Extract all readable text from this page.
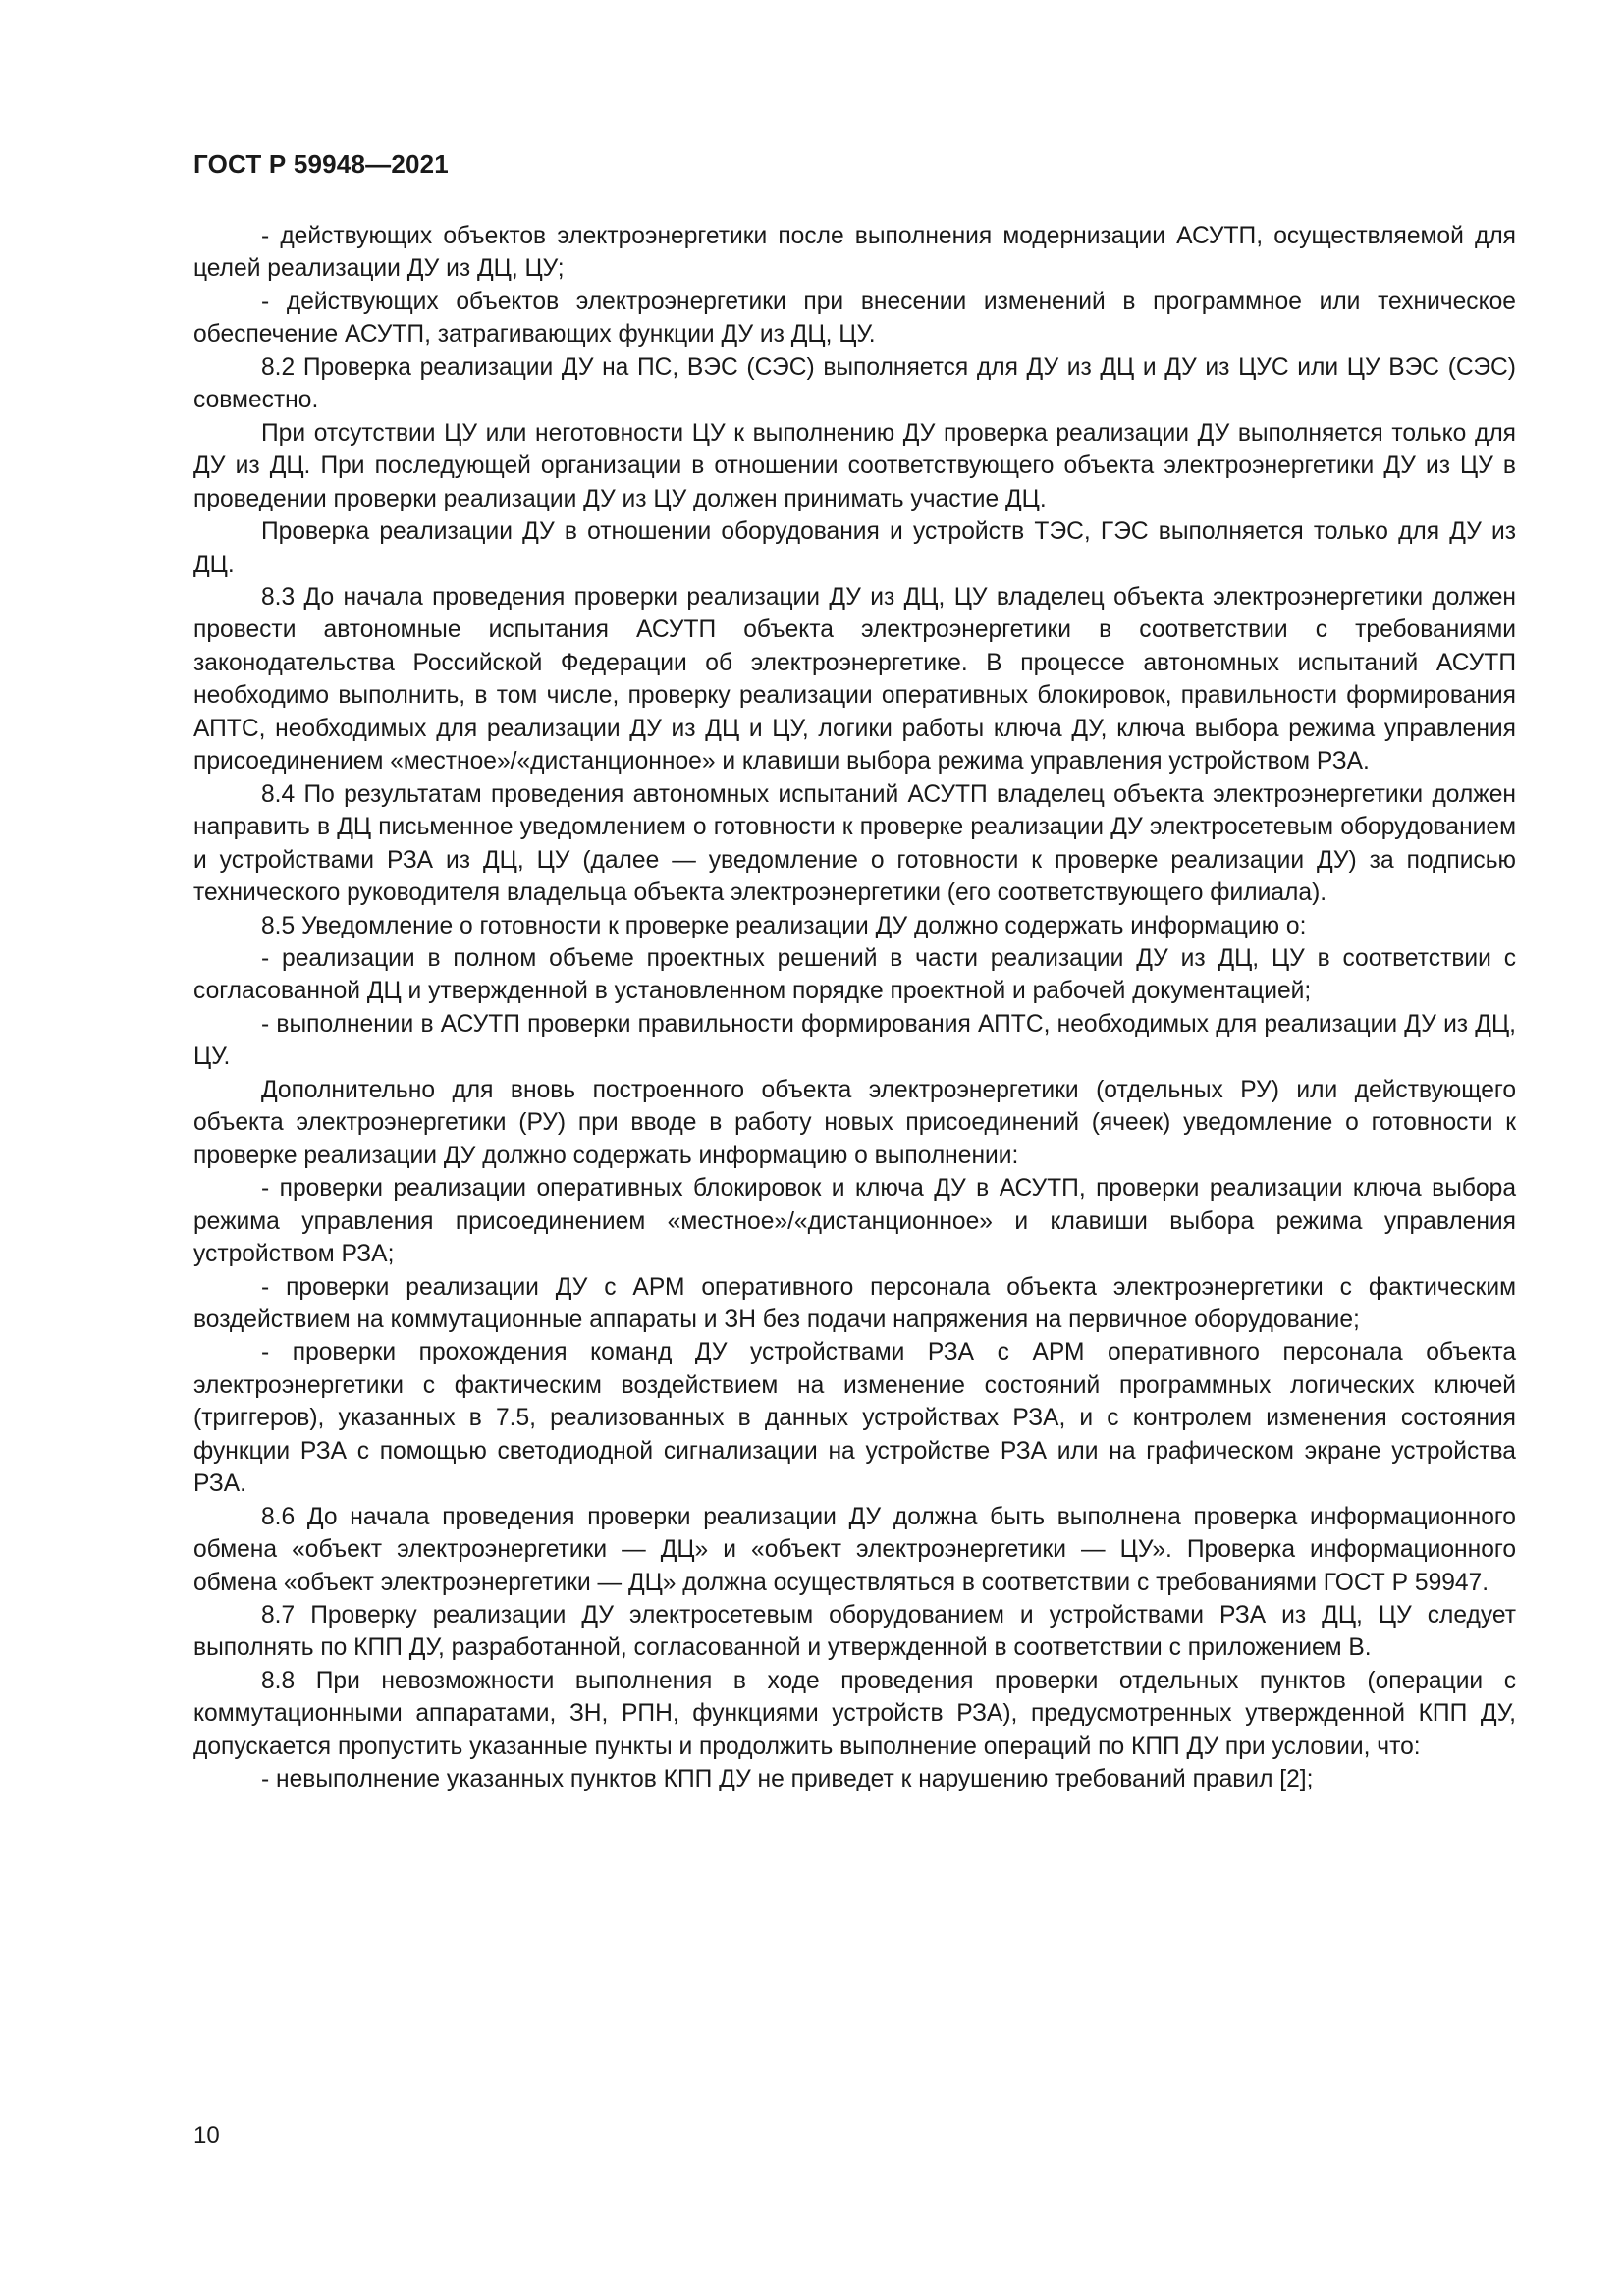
ГОСТ Р 59948—2021

- действующих объектов электроэнергетики после выполнения модернизации АСУТП, осуществляемой для целей реализации ДУ из ДЦ, ЦУ;

- действующих объектов электроэнергетики при внесении изменений в программное или техническое обеспечение АСУТП, затрагивающих функции ДУ из ДЦ, ЦУ.

8.2 Проверка реализации ДУ на ПС, ВЭС (СЭС) выполняется для ДУ из ДЦ и ДУ из ЦУС или ЦУ ВЭС (СЭС) совместно.

При отсутствии ЦУ или неготовности ЦУ к выполнению ДУ проверка реализации ДУ выполняется только для ДУ из ДЦ. При последующей организации в отношении соответствующего объекта электроэнергетики ДУ из ЦУ в проведении проверки реализации ДУ из ЦУ должен принимать участие ДЦ.

Проверка реализации ДУ в отношении оборудования и устройств ТЭС, ГЭС выполняется только для ДУ из ДЦ.

8.3 До начала проведения проверки реализации ДУ из ДЦ, ЦУ владелец объекта электроэнергетики должен провести автономные испытания АСУТП объекта электроэнергетики в соответствии с требованиями законодательства Российской Федерации об электроэнергетике. В процессе автономных испытаний АСУТП необходимо выполнить, в том числе, проверку реализации оперативных блокировок, правильности формирования АПТС, необходимых для реализации ДУ из ДЦ и ЦУ, логики работы ключа ДУ, ключа выбора режима управления присоединением «местное»/«дистанционное» и клавиши выбора режима управления устройством РЗА.

8.4 По результатам проведения автономных испытаний АСУТП владелец объекта электроэнергетики должен направить в ДЦ письменное уведомлением о готовности к проверке реализации ДУ электросетевым оборудованием и устройствами РЗА из ДЦ, ЦУ (далее — уведомление о готовности к проверке реализации ДУ) за подписью технического руководителя владельца объекта электроэнергетики (его соответствующего филиала).

8.5 Уведомление о готовности к проверке реализации ДУ должно содержать информацию о:

- реализации в полном объеме проектных решений в части реализации ДУ из ДЦ, ЦУ в соответствии с согласованной ДЦ и утвержденной в установленном порядке проектной и рабочей документацией;

- выполнении в АСУТП проверки правильности формирования АПТС, необходимых для реализации ДУ из ДЦ, ЦУ.

Дополнительно для вновь построенного объекта электроэнергетики (отдельных РУ) или действующего объекта электроэнергетики (РУ) при вводе в работу новых присоединений (ячеек) уведомление о готовности к проверке реализации ДУ должно содержать информацию о выполнении:

- проверки реализации оперативных блокировок и ключа ДУ в АСУТП, проверки реализации ключа выбора режима управления присоединением «местное»/«дистанционное» и клавиши выбора режима управления устройством РЗА;

- проверки реализации ДУ с АРМ оперативного персонала объекта электроэнергетики с фактическим воздействием на коммутационные аппараты и ЗН без подачи напряжения на первичное оборудование;

- проверки прохождения команд ДУ устройствами РЗА с АРМ оперативного персонала объекта электроэнергетики с фактическим воздействием на изменение состояний программных логических ключей (триггеров), указанных в 7.5, реализованных в данных устройствах РЗА, и с контролем изменения состояния функции РЗА с помощью светодиодной сигнализации на устройстве РЗА или на графическом экране устройства РЗА.

8.6 До начала проведения проверки реализации ДУ должна быть выполнена проверка информационного обмена «объект электроэнергетики — ДЦ» и «объект электроэнергетики — ЦУ». Проверка информационного обмена «объект электроэнергетики — ДЦ» должна осуществляться в соответствии с требованиями ГОСТ Р 59947.

8.7 Проверку реализации ДУ электросетевым оборудованием и устройствами РЗА из ДЦ, ЦУ следует выполнять по КПП ДУ, разработанной, согласованной и утвержденной в соответствии с приложением В.

8.8 При невозможности выполнения в ходе проведения проверки отдельных пунктов (операции с коммутационными аппаратами, ЗН, РПН, функциями устройств РЗА), предусмотренных утвержденной КПП ДУ, допускается пропустить указанные пункты и продолжить выполнение операций по КПП ДУ при условии, что:

- невыполнение указанных пунктов КПП ДУ не приведет к нарушению требований правил [2];

10
